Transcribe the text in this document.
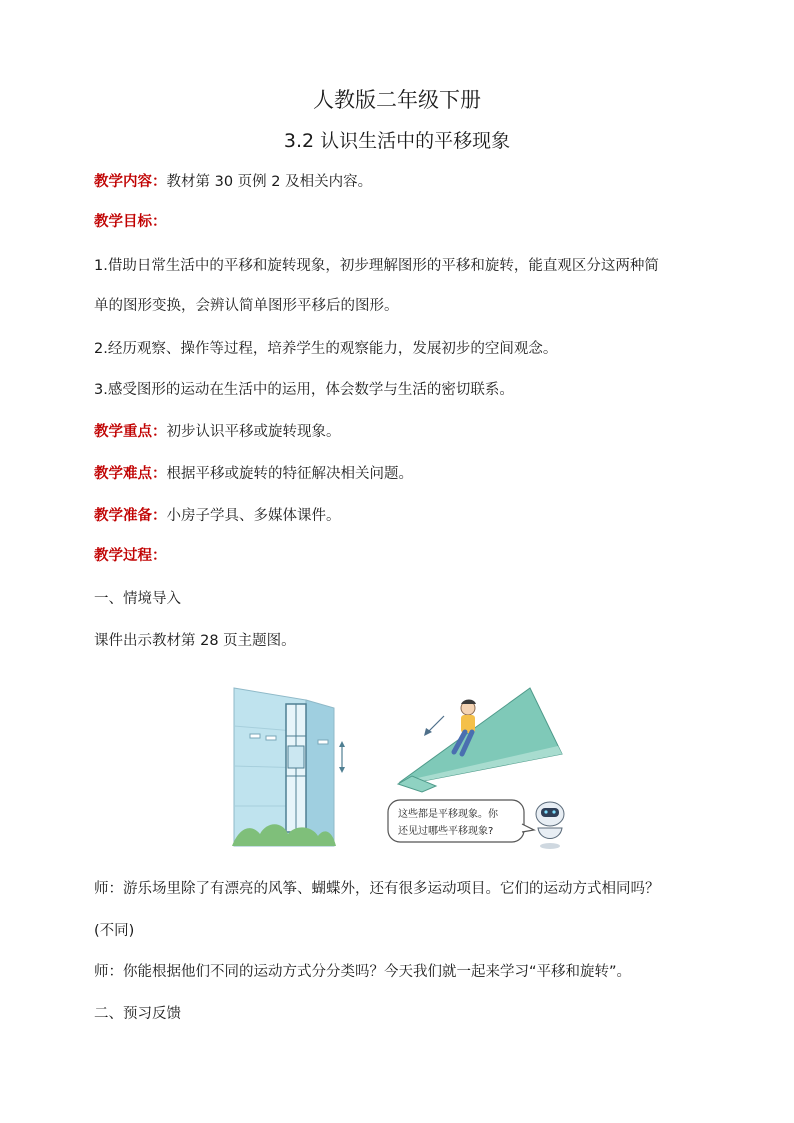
人教版二年级下册
3.2 认识生活中的平移现象
教学内容：教材第 30 页例 2 及相关内容。
教学目标：
1.借助日常生活中的平移和旋转现象，初步理解图形的平移和旋转，能直观区分这两种简
单的图形变换，会辨认简单图形平移后的图形。
2.经历观察、操作等过程，培养学生的观察能力，发展初步的空间观念。
3.感受图形的运动在生活中的运用，体会数学与生活的密切联系。
教学重点：初步认识平移或旋转现象。
教学难点：根据平移或旋转的特征解决相关问题。
教学准备：小房子学具、多媒体课件。
教学过程：
一、情境导入
课件出示教材第 28 页主题图。
这些都是平移现象。你
还见过哪些平移现象?
师：游乐场里除了有漂亮的风筝、蝴蝶外，还有很多运动项目。它们的运动方式相同吗？
(不同)
师：你能根据他们不同的运动方式分分类吗？今天我们就一起来学习“平移和旋转”。
二、预习反馈
